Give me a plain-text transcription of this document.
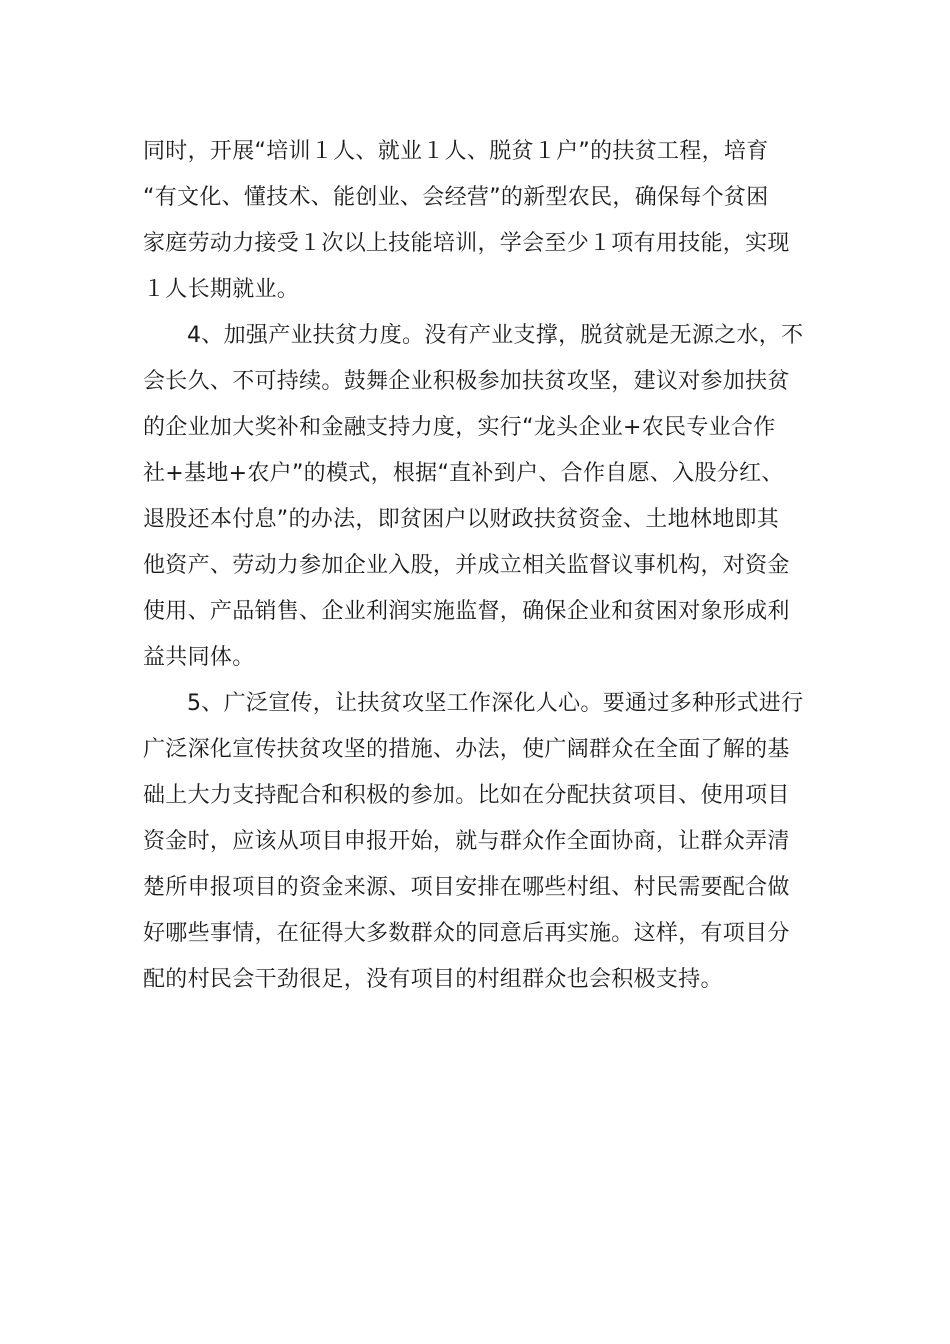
同时，开展“培训１人、就业１人、脱贫１户”的扶贫工程，培育

“有文化、懂技术、能创业、会经营”的新型农民，确保每个贫困

家庭劳动力接受１次以上技能培训，学会至少１项有用技能，实现

１人长期就业。

4、加强产业扶贫力度。没有产业支撑，脱贫就是无源之水，不

会长久、不可持续。鼓舞企业积极参加扶贫攻坚，建议对参加扶贫

的企业加大奖补和金融支持力度，实行“龙头企业+农民专业合作

社+基地+农户”的模式，根据“直补到户、合作自愿、入股分红、

退股还本付息”的办法，即贫困户以财政扶贫资金、土地林地即其

他资产、劳动力参加企业入股，并成立相关监督议事机构，对资金

使用、产品销售、企业利润实施监督，确保企业和贫困对象形成利

益共同体。

5、广泛宣传，让扶贫攻坚工作深化人心。要通过多种形式进行

广泛深化宣传扶贫攻坚的措施、办法，使广阔群众在全面了解的基

础上大力支持配合和积极的参加。比如在分配扶贫项目、使用项目

资金时，应该从项目申报开始，就与群众作全面协商，让群众弄清

楚所申报项目的资金来源、项目安排在哪些村组、村民需要配合做

好哪些事情，在征得大多数群众的同意后再实施。这样，有项目分

配的村民会干劲很足，没有项目的村组群众也会积极支持。
